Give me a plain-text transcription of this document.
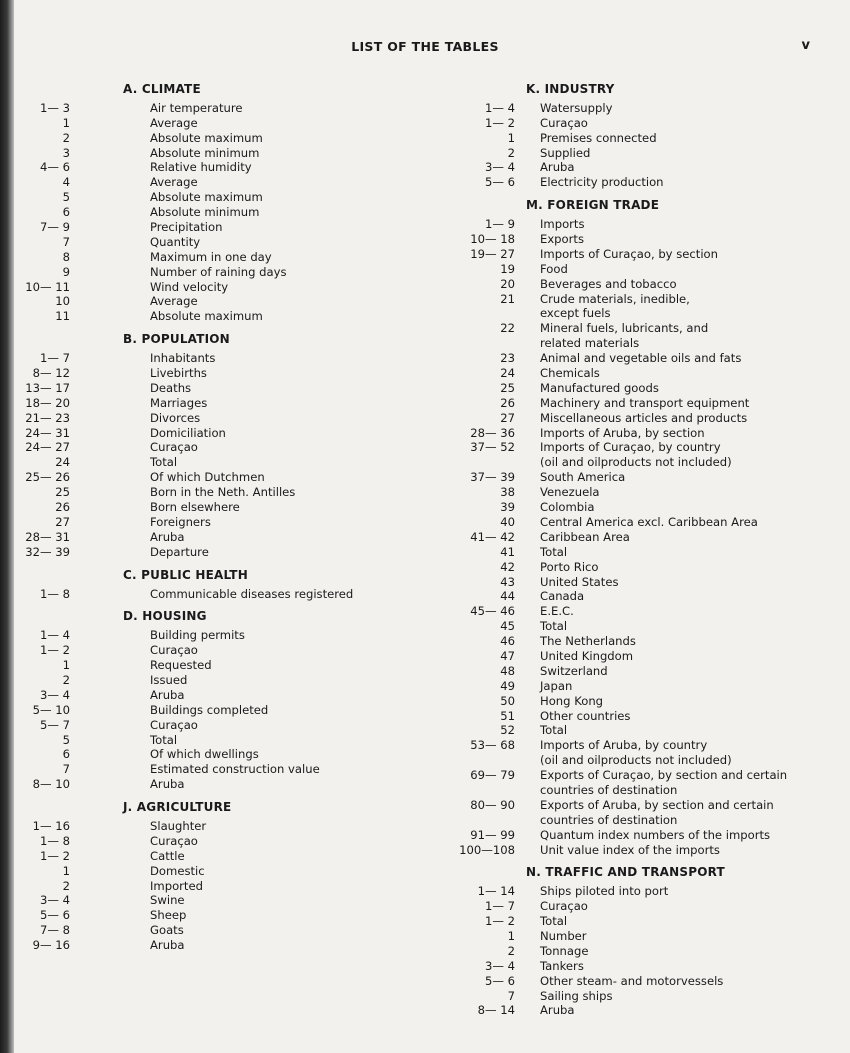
LIST OF THE TABLES	v
A. CLIMATE
1— 3	Air temperature
1	Average
2	Absolute maximum
3	Absolute minimum
4— 6	Relative humidity
4	Average
5	Absolute maximum
6	Absolute minimum
7— 9	Precipitation
7	Quantity
8	Maximum in one day
9	Number of raining days
10— 11	Wind velocity
10	Average
11	Absolute maximum
B. POPULATION
1— 7	Inhabitants
8— 12	Livebirths
13— 17	Deaths
18— 20	Marriages
21— 23	Divorces
24— 31	Domiciliation
24— 27	Curaçao
24	Total
25— 26	Of which Dutchmen
25	Born in the Neth. Antilles
26	Born elsewhere
27	Foreigners
28— 31	Aruba
32— 39	Departure
C. PUBLIC HEALTH
1— 8	Communicable diseases registered
D. HOUSING
1— 4	Building permits
1— 2	Curaçao
1	Requested
2	Issued
3— 4	Aruba
5— 10	Buildings completed
5— 7	Curaçao
5	Total
6	Of which dwellings
7	Estimated construction value
8— 10	Aruba
J. AGRICULTURE
1— 16	Slaughter
1— 8	Curaçao
1— 2	Cattle
1	Domestic
2	Imported
3— 4	Swine
5— 6	Sheep
7— 8	Goats
9— 16	Aruba
K. INDUSTRY
1— 4 Watersupply
1— 2 Curaçao
1 Premises connected
2 Supplied
3— 4 Aruba
5— 6 Electricity production
M. FOREIGN TRADE
1— 9 Imports
10— 18 Exports
19— 27 Imports of Curaçao, by section
19 Food
20 Beverages and tobacco
21 Crude materials, inedible,
except fuels
22 Mineral fuels, lubricants, and
related materials
23 Animal and vegetable oils and fats
24 Chemicals
25 Manufactured goods
26 Machinery and transport equipment
27 Miscellaneous articles and products
28— 36 Imports of Aruba, by section
37— 52 Imports of Curaçao, by country
(oil and oilproducts not included)
37— 39 South America
38 Venezuela
39 Colombia
40 Central America excl. Caribbean Area
41— 42 Caribbean Area
41 Total
42 Porto Rico
43 United States
44 Canada
45— 46 E.E.C.
45 Total
46 The Netherlands
47 United Kingdom
48 Switzerland
49 Japan
50 Hong Kong
51 Other countries
52 Total
53— 68 Imports of Aruba, by country
(oil and oilproducts not included)
69— 79 Exports of Curaçao, by section and certain
countries of destination
80— 90 Exports of Aruba, by section and certain
countries of destination
91— 99 Quantum index numbers of the imports
100—108 Unit value index of the imports
N. TRAFFIC AND TRANSPORT
1— 14 Ships piloted into port
1— 7 Curaçao
1— 2 Total
1 Number
2 Tonnage
3— 4 Tankers
5— 6 Other steam- and motorvessels
7 Sailing ships
8— 14 Aruba
